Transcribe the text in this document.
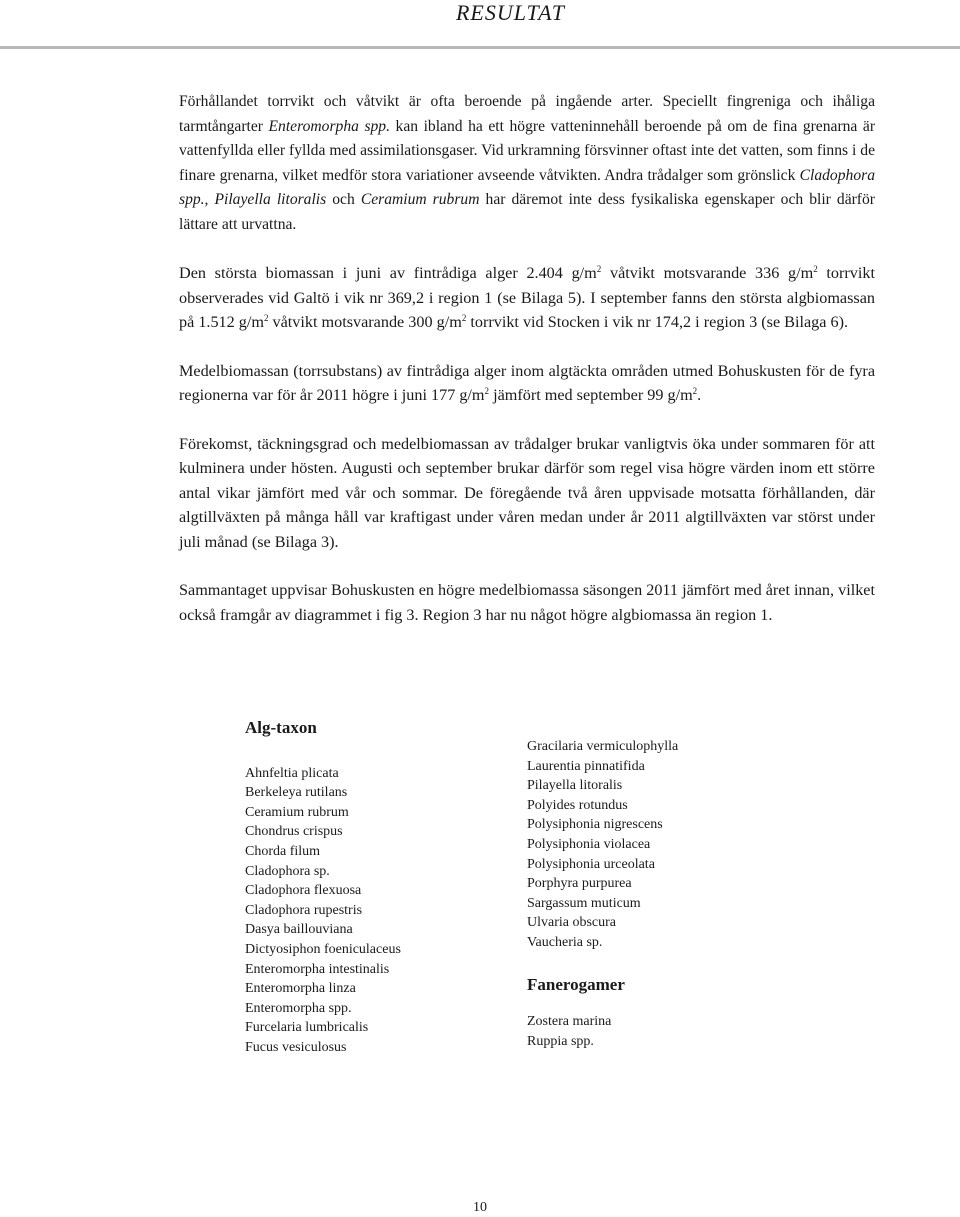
RESULTAT

Förhållandet torrvikt och våtvikt är ofta beroende på ingående arter. Speciellt fingreniga och ihåliga tarmtångarter Enteromorpha spp. kan ibland ha ett högre vatteninnehåll beroende på om de fina grenarna är vattenfyllda eller fyllda med assimilationsgaser. Vid urkramning försvinner oftast inte det vatten, som finns i de finare grenarna, vilket medför stora variationer avseende våtvikten. Andra trådalger som grönslick Cladophora spp., Pilayella litoralis och Ceramium rubrum har däremot inte dess fysikaliska egenskaper och blir därför lättare att urvattna.

Den största biomassan i juni av fintrådiga alger 2.404 $g/m^2$ våtvikt motsvarande 336 $g/m^2$ torrvikt observerades vid Galtö i vik nr 369,2 i region 1 (se Bilaga 5). I september fanns den största algbiomassan på 1.512 $g/m^2$ våtvikt motsvarande 300 $g/m^2$ torrvikt vid Stocken i vik nr 174,2 i region 3 (se Bilaga 6).

Medelbiomassan (torrsubstans) av fintrådiga alger inom algtäckta områden utmed Bohuskusten för de fyra regionerna var för år 2011 högre i juni 177 $g/m^2$ jämfört med september 99 $g/m^2$.

Förekomst, täckningsgrad och medelbiomassan av trådalger brukar vanligtvis öka under sommaren för att kulminera under hösten. Augusti och september brukar därför som regel visa högre värden inom ett större antal vikar jämfört med vår och sommar. De föregående två åren uppvisade motsatta förhållanden, där algtillväxten på många håll var kraftigast under våren medan under år 2011 algtillväxten var störst under juli månad (se Bilaga 3).

Sammantaget uppvisar Bohuskusten en högre medelbiomassa säsongen 2011 jämfört med året innan, vilket också framgår av diagrammet i fig 3. Region 3 har nu något högre algbiomassa än region 1.

Alg-taxon
Ahnfeltia plicata
Berkeleya rutilans
Ceramium rubrum
Chondrus crispus
Chorda filum
Cladophora sp.
Cladophora flexuosa
Cladophora rupestris
Dasya baillouviana
Dictyosiphon foeniculaceus
Enteromorpha intestinalis
Enteromorpha linza
Enteromorpha spp.
Furcelaria lumbricalis
Fucus vesiculosus
Gracilaria vermiculophylla
Laurentia pinnatifida
Pilayella litoralis
Polyides rotundus
Polysiphonia nigrescens
Polysiphonia violacea
Polysiphonia urceolata
Porphyra purpurea
Sargassum muticum
Ulvaria obscura
Vaucheria sp.
Fanerogamer
Zostera marina
Ruppia spp.
10
